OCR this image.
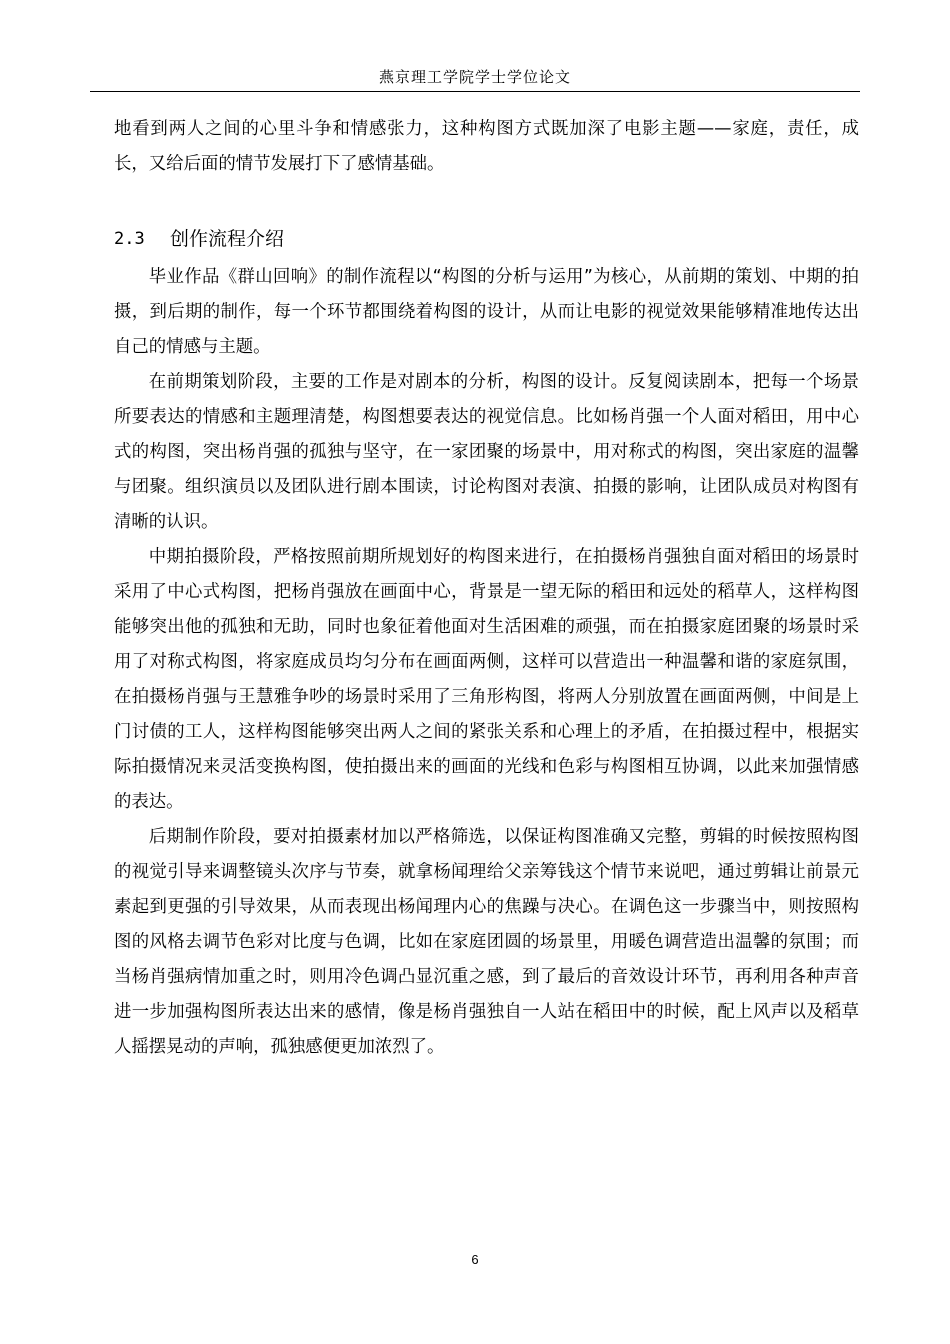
燕京理工学院学士学位论文

地看到两人之间的心里斗争和情感张力，这种构图方式既加深了电影主题——家庭，责任，成长，又给后面的情节发展打下了感情基础。

2.3	创作流程介绍

毕业作品《群山回响》的制作流程以“构图的分析与运用”为核心，从前期的策划、中期的拍摄，到后期的制作，每一个环节都围绕着构图的设计，从而让电影的视觉效果能够精准地传达出自己的情感与主题。

在前期策划阶段，主要的工作是对剧本的分析，构图的设计。反复阅读剧本，把每一个场景所要表达的情感和主题理清楚，构图想要表达的视觉信息。比如杨肖强一个人面对稻田，用中心式的构图，突出杨肖强的孤独与坚守，在一家团聚的场景中，用对称式的构图，突出家庭的温馨与团聚。组织演员以及团队进行剧本围读，讨论构图对表演、拍摄的影响，让团队成员对构图有清晰的认识。

中期拍摄阶段，严格按照前期所规划好的构图来进行，在拍摄杨肖强独自面对稻田的场景时采用了中心式构图，把杨肖强放在画面中心，背景是一望无际的稻田和远处的稻草人，这样构图能够突出他的孤独和无助，同时也象征着他面对生活困难的顽强，而在拍摄家庭团聚的场景时采用了对称式构图，将家庭成员均匀分布在画面两侧，这样可以营造出一种温馨和谐的家庭氛围，在拍摄杨肖强与王慧雅争吵的场景时采用了三角形构图，将两人分别放置在画面两侧，中间是上门讨债的工人，这样构图能够突出两人之间的紧张关系和心理上的矛盾，在拍摄过程中，根据实际拍摄情况来灵活变换构图，使拍摄出来的画面的光线和色彩与构图相互协调，以此来加强情感的表达。

后期制作阶段，要对拍摄素材加以严格筛选，以保证构图准确又完整，剪辑的时候按照构图的视觉引导来调整镜头次序与节奏，就拿杨闻理给父亲筹钱这个情节来说吧，通过剪辑让前景元素起到更强的引导效果，从而表现出杨闻理内心的焦躁与决心。在调色这一步骤当中，则按照构图的风格去调节色彩对比度与色调，比如在家庭团圆的场景里，用暖色调营造出温馨的氛围；而当杨肖强病情加重之时，则用冷色调凸显沉重之感，到了最后的音效设计环节，再利用各种声音进一步加强构图所表达出来的感情，像是杨肖强独自一人站在稻田中的时候，配上风声以及稻草人摇摆晃动的声响，孤独感便更加浓烈了。

6
